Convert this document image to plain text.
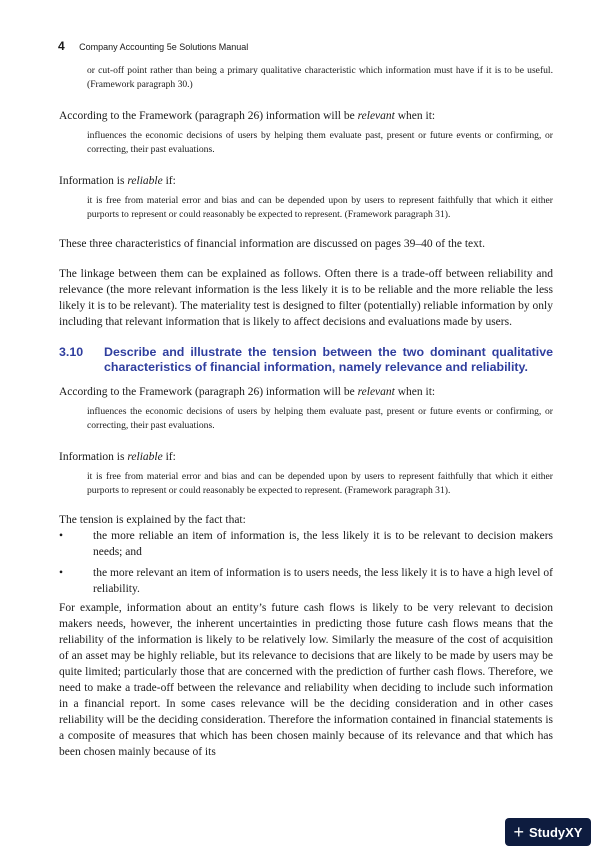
4 Company Accounting 5e Solutions Manual

or cut-off point rather than being a primary qualitative characteristic which information must have if it is to be useful. (Framework paragraph 30.)

According to the Framework (paragraph 26) information will be relevant when it:

influences the economic decisions of users by helping them evaluate past, present or future events or confirming, or correcting, their past evaluations.

Information is reliable if:

it is free from material error and bias and can be depended upon by users to represent faithfully that which it either purports to represent or could reasonably be expected to represent. (Framework paragraph 31).

These three characteristics of financial information are discussed on pages 39–40 of the text.

The linkage between them can be explained as follows. Often there is a trade-off between reliability and relevance (the more relevant information is the less likely it is to be reliable and the more reliable the less likely it is to be relevant). The materiality test is designed to filter (potentially) reliable information by only including that relevant information that is likely to affect decisions and evaluations made by users.

3.10	Describe and illustrate the tension between the two dominant qualitative characteristics of financial information, namely relevance and reliability.

According to the Framework (paragraph 26) information will be relevant when it:

influences the economic decisions of users by helping them evaluate past, present or future events or confirming, or correcting, their past evaluations.

Information is reliable if:

it is free from material error and bias and can be depended upon by users to represent faithfully that which it either purports to represent or could reasonably be expected to represent. (Framework paragraph 31).

The tension is explained by the fact that:

•	the more reliable an item of information is, the less likely it is to be relevant to decision makers needs; and
•	the more relevant an item of information is to users needs, the less likely it is to have a high level of reliability.

For example, information about an entity’s future cash flows is likely to be very relevant to decision makers needs, however, the inherent uncertainties in predicting those future cash flows means that the reliability of the information is likely to be relatively low. Similarly the measure of the cost of acquisition of an asset may be highly reliable, but its relevance to decisions that are likely to be made by users may be quite limited; particularly those that are concerned with the prediction of further cash flows. Therefore, we need to make a trade-off between the relevance and reliability when deciding to include such information in a financial report. In some cases relevance will be the deciding consideration and in other cases reliability will be the deciding consideration. Therefore the information contained in financial statements is a composite of measures that which has been chosen mainly because of its relevance and that which has been chosen mainly because of its

+ StudyXY
